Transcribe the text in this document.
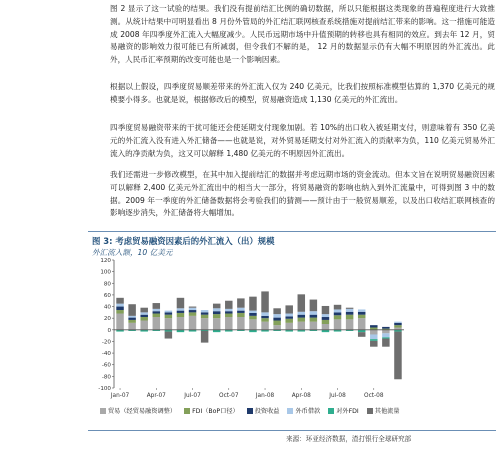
图 2 显示了这一试验的结果。我们没有提前结汇比例的确切数据，所以只能根据这类现象的普遍程度进行大致推测。从统计结果中可明显看出 8 月份外管局的外汇结汇联网核查系统措施对提前结汇带来的影响。这一措施可能造成 2008 年四季度外汇流入大幅度减少。人民币远期市场中升值预期的转移也具有相同的效应。到去年 12 月，贸易融资的影响效力很可能已有所减弱，但令我们不解的是， 12 月的数据显示仍有大幅不明原因的外汇流出。此外，人民币汇率预期的改变可能也是一个影响因素。

根据以上假设，四季度贸易顺差带来的外汇流入仅为 240 亿美元，比我们按照标准模型估算的 1,370 亿美元的规模要小得多。也就是说，根据修改后的模型，贸易融资造成 1,130 亿美元的外汇流出。

四季度贸易融资带来的干扰可能还会使延期支付现象加剧。若 10%的出口收入被延期支付，则意味着有 350 亿美元的外汇流入没有进入外汇储备——也就是说，对外贸易延期支付对外汇流入的贡献率为负，110 亿美元贸易外汇流入的净贡献为负，这又可以解释 1,480 亿美元的不明原因外汇流出。

我们还需进一步修改模型，在其中加入提前结汇的数据并考虑远期市场的资金流动。但本文旨在说明贸易融资因素可以解释 2,400 亿美元外汇流出中的相当大一部分，将贸易融资的影响也纳入到外汇流量中，可得到图 3 中的数据。2009 年一季度的外汇储备数据将会考验我们的猜测——预计由于一般贸易顺差，以及出口收结汇联网核查的影响逐步消失，外汇储备将大幅增加。

图 3: 考虑贸易融资因素后的外汇流入（出）规模
外汇流入额，10 亿美元
120
100
80
60
40
20
0
-20
-40
-60
-80
-100
Jan-07	Apr-07	Jul-07	Oct-07	Jan-08	Apr-08	Jul-08	Oct-08
贸易（经贸易融资调整）	FDI（BoP口径）	投资收益	外币借款	对外FDI	其他流量
来源：环亚经济数据，渣打银行全球研究部
